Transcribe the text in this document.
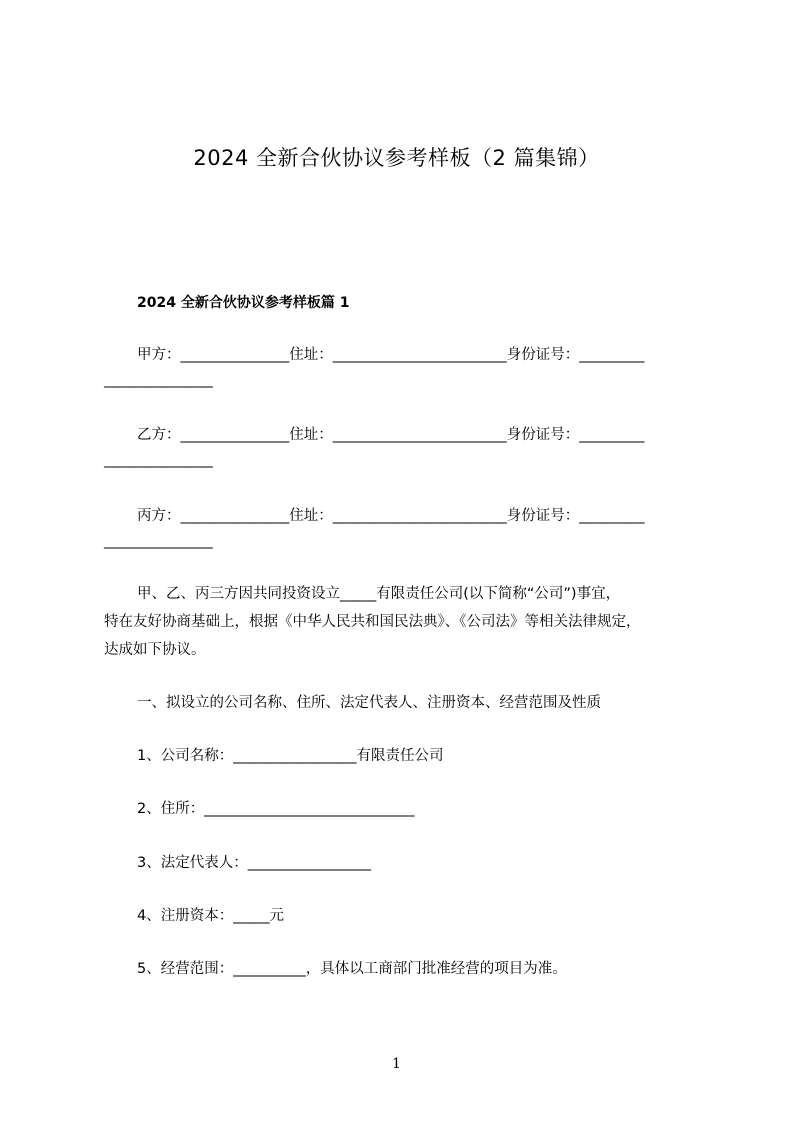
2024 全新合伙协议参考样板（2 篇集锦）
2024 全新合伙协议参考样板篇 1
甲方：_______________住址：________________________身份证号：_________
_______________
乙方：_______________住址：________________________身份证号：_________
_______________
丙方：_______________住址：________________________身份证号：_________
_______________
甲、乙、丙三方因共同投资设立_____有限责任公司(以下简称“公司”)事宜，
特在友好协商基础上，根据《中华人民共和国民法典》、《公司法》等相关法律规定，
达成如下协议。
一、拟设立的公司名称、住所、法定代表人、注册资本、经营范围及性质
1、公司名称：_________________有限责任公司
2、住所：_____________________________
3、法定代表人：_________________
4、注册资本：_____元
5、经营范围：__________，具体以工商部门批准经营的项目为准。
1
